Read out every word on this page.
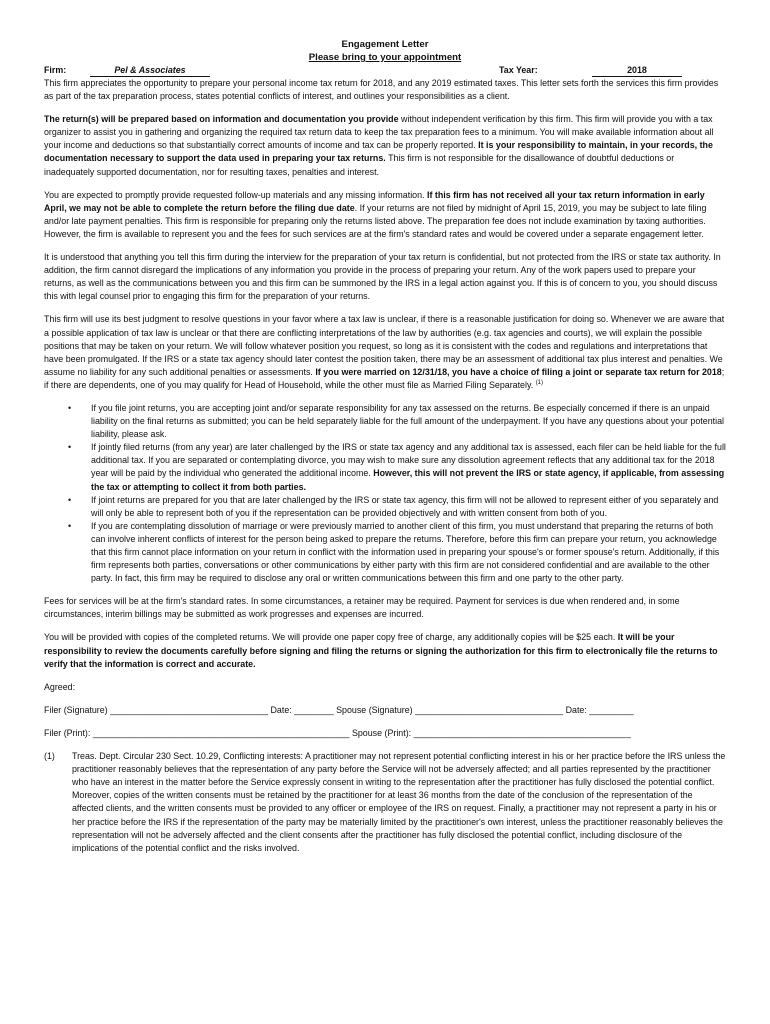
Engagement Letter
Please bring to your appointment
Firm:	Pel & Associates	Tax Year:	2018

This firm appreciates the opportunity to prepare your personal income tax return for 2018, and any 2019 estimated taxes. This letter sets forth the services this firm provides as part of the tax preparation process, states potential conflicts of interest, and outlines your responsibilities as a client.

The return(s) will be prepared based on information and documentation you provide without independent verification by this firm. This firm will provide you with a tax organizer to assist you in gathering and organizing the required tax return data to keep the tax preparation fees to a minimum. You will make available information about all your income and deductions so that substantially correct amounts of income and tax can be properly reported. It is your responsibility to maintain, in your records, the documentation necessary to support the data used in preparing your tax returns. This firm is not responsible for the disallowance of doubtful deductions or inadequately supported documentation, nor for resulting taxes, penalties and interest.

You are expected to promptly provide requested follow-up materials and any missing information. If this firm has not received all your tax return information in early April, we may not be able to complete the return before the filing due date. If your returns are not filed by midnight of April 15, 2019, you may be subject to late filing and/or late payment penalties. This firm is responsible for preparing only the returns listed above. The preparation fee does not include examination by taxing authorities. However, the firm is available to represent you and the fees for such services are at the firm's standard rates and would be covered under a separate engagement letter.

It is understood that anything you tell this firm during the interview for the preparation of your tax return is confidential, but not protected from the IRS or state tax authority. In addition, the firm cannot disregard the implications of any information you provide in the process of preparing your return. Any of the work papers used to prepare your returns, as well as the communications between you and this firm can be summoned by the IRS in a legal action against you. If this is of concern to you, you should discuss this with legal counsel prior to engaging this firm for the preparation of your returns.

This firm will use its best judgment to resolve questions in your favor where a tax law is unclear, if there is a reasonable justification for doing so. Whenever we are aware that a possible application of tax law is unclear or that there are conflicting interpretations of the law by authorities (e.g. tax agencies and courts), we will explain the possible positions that may be taken on your return. We will follow whatever position you request, so long as it is consistent with the codes and regulations and interpretations that have been promulgated. If the IRS or a state tax agency should later contest the position taken, there may be an assessment of additional tax plus interest and penalties. We assume no liability for any such additional penalties or assessments. If you were married on 12/31/18, you have a choice of filing a joint or separate tax return for 2018; if there are dependents, one of you may qualify for Head of Household, while the other must file as Married Filing Separately. $^{(1)}$

• If you file joint returns, you are accepting joint and/or separate responsibility for any tax assessed on the returns. Be especially concerned if there is an unpaid liability on the final returns as submitted; you can be held separately liable for the full amount of the underpayment. If you have any questions about your potential liability, please ask.
• If jointly filed returns (from any year) are later challenged by the IRS or state tax agency and any additional tax is assessed, each filer can be held liable for the full additional tax. If you are separated or contemplating divorce, you may wish to make sure any dissolution agreement reflects that any additional tax for the 2018 year will be paid by the individual who generated the additional income. However, this will not prevent the IRS or state agency, if applicable, from assessing the tax or attempting to collect it from both parties.
• If joint returns are prepared for you that are later challenged by the IRS or state tax agency, this firm will not be allowed to represent either of you separately and will only be able to represent both of you if the representation can be provided objectively and with written consent from both of you.
• If you are contemplating dissolution of marriage or were previously married to another client of this firm, you must understand that preparing the returns of both can involve inherent conflicts of interest for the person being asked to prepare the returns. Therefore, before this firm can prepare your return, you acknowledge that this firm cannot place information on your return in conflict with the information used in preparing your spouse's or former spouse's return. Additionally, if this firm represents both parties, conversations or other communications by either party with this firm are not considered confidential and are available to the other party. In fact, this firm may be required to disclose any oral or written communications between this firm and one party to the other party.

Fees for services will be at the firm's standard rates. In some circumstances, a retainer may be required. Payment for services is due when rendered and, in some circumstances, interim billings may be submitted as work progresses and expenses are incurred.

You will be provided with copies of the completed returns. We will provide one paper copy free of charge, any additionally copies will be $25 each. It will be your responsibility to review the documents carefully before signing and filing the returns or signing the authorization for this firm to electronically file the returns to verify that the information is correct and accurate.

Agreed:

Filer (Signature) ________________________________ Date: ________ Spouse (Signature) ______________________________ Date: _________

Filer (Print): ____________________________________________________ Spouse (Print): ____________________________________________

(1) Treas. Dept. Circular 230 Sect. 10.29, Conflicting interests: A practitioner may not represent potential conflicting interest in his or her practice before the IRS unless the practitioner reasonably believes that the representation of any party before the Service will not be adversely affected; and all parties represented by the practitioner who have an interest in the matter before the Service expressly consent in writing to the representation after the practitioner has fully disclosed the potential conflict. Moreover, copies of the written consents must be retained by the practitioner for at least 36 months from the date of the conclusion of the representation of the affected clients, and the written consents must be provided to any officer or employee of the IRS on request. Finally, a practitioner may not represent a party in his or her practice before the IRS if the representation of the party may be materially limited by the practitioner's own interest, unless the practitioner reasonably believes the representation will not be adversely affected and the client consents after the practitioner has fully disclosed the potential conflict, including disclosure of the implications of the potential conflict and the risks involved.
